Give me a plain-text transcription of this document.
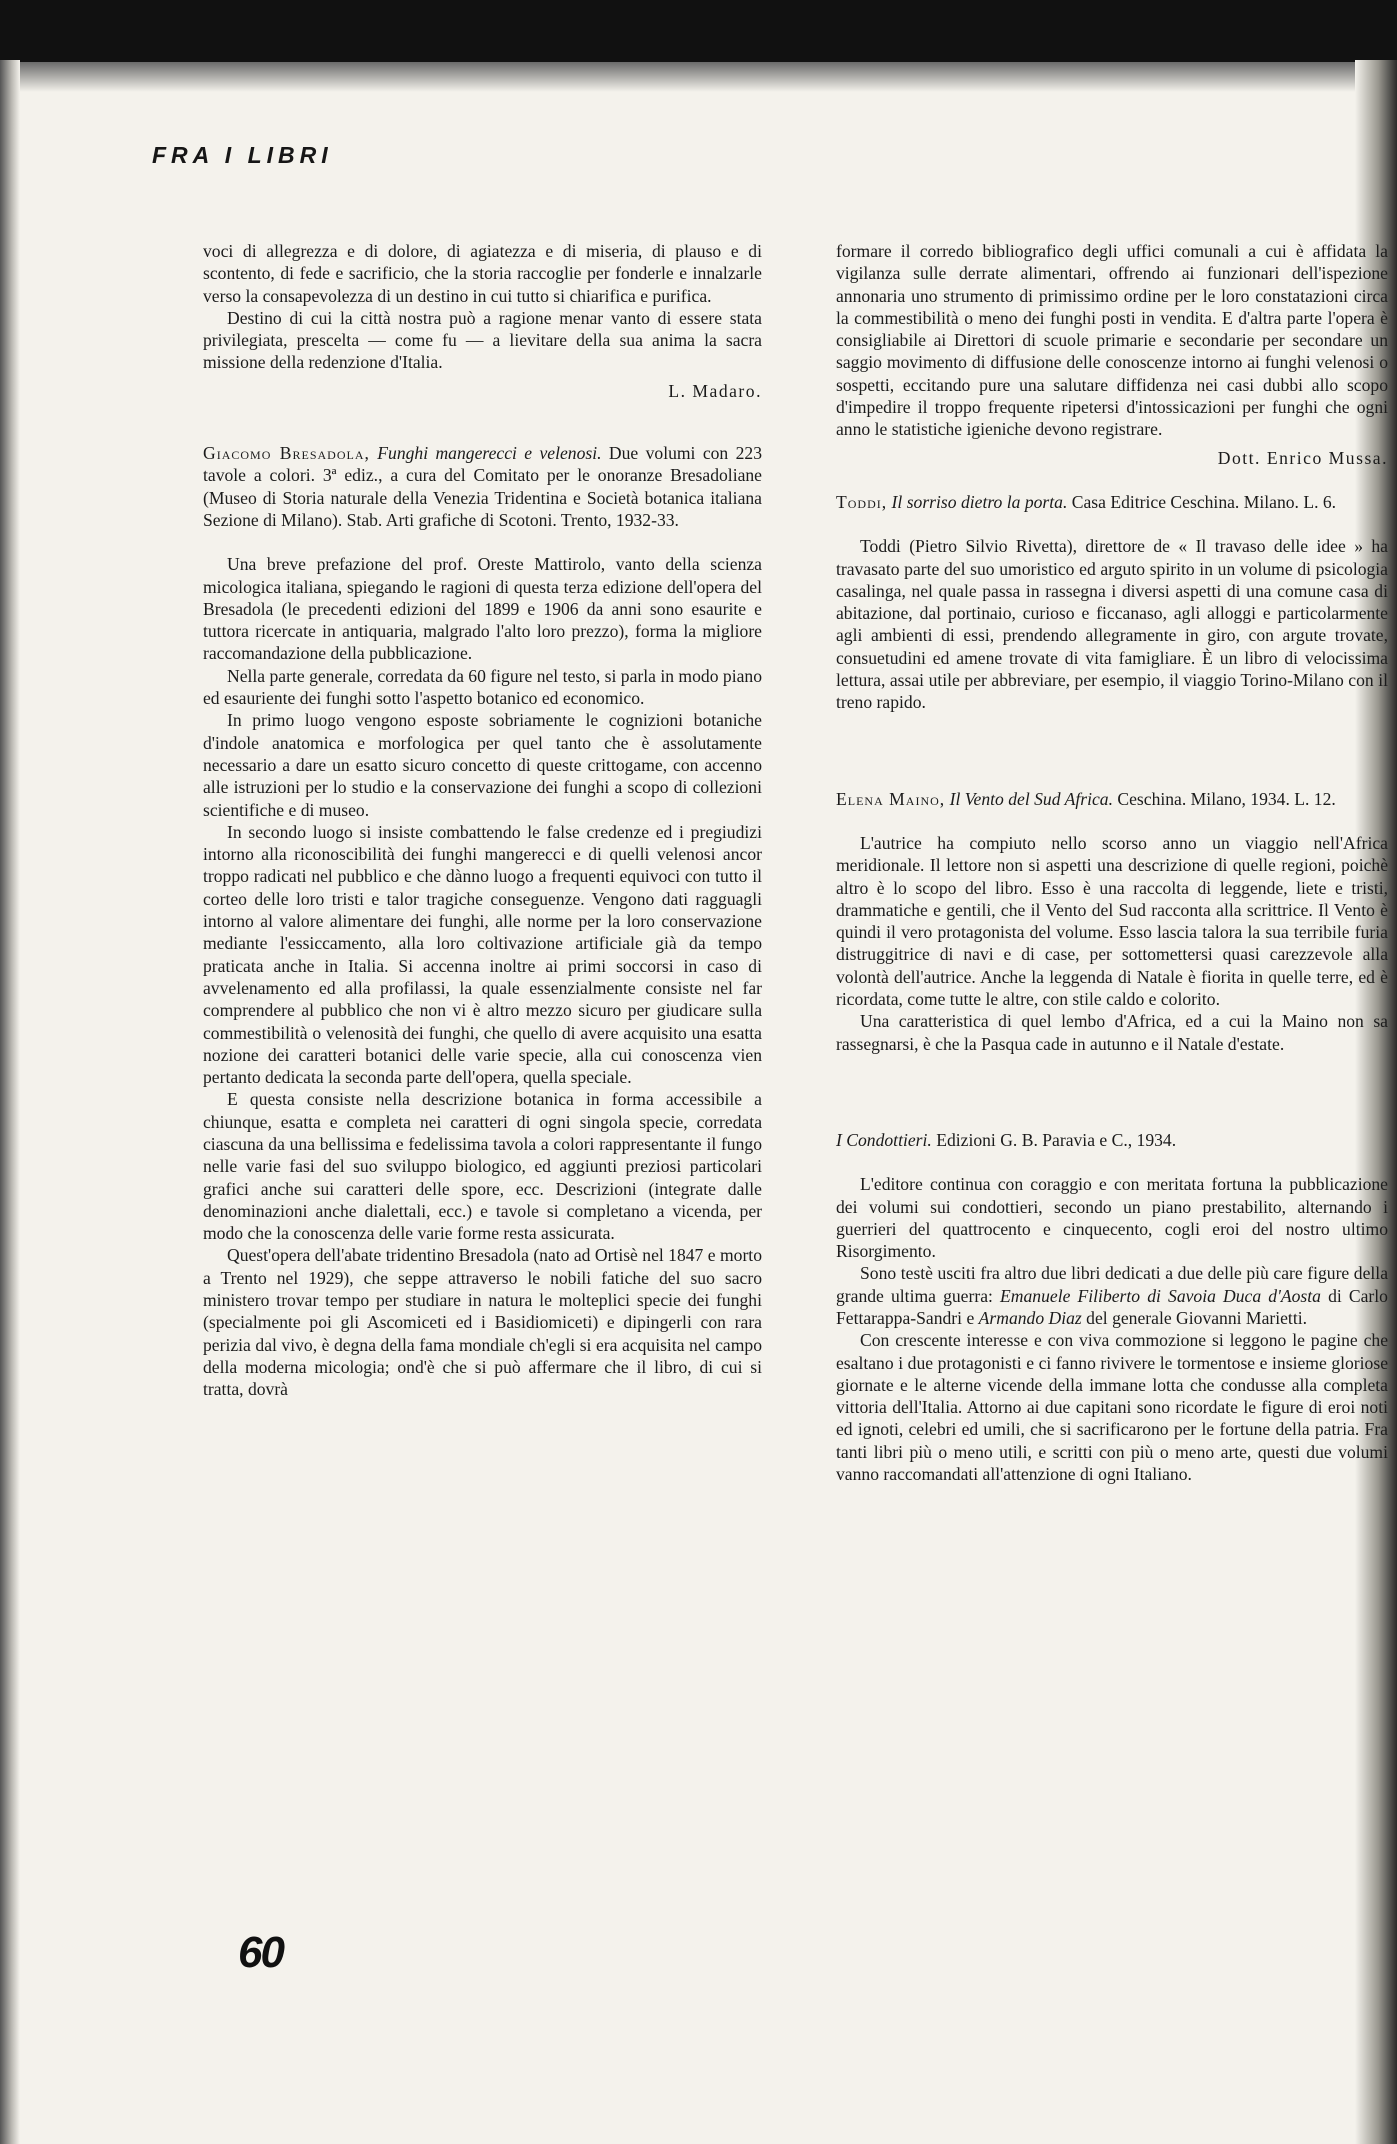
FRA I LIBRI

voci di allegrezza e di dolore, di agiatezza e di miseria, di plauso e di scontento, di fede e sacrificio, che la storia raccoglie per fonderle e innalzarle verso la consapevolezza di un destino in cui tutto si chiarifica e purifica.

Destino di cui la città nostra può a ragione menar vanto di essere stata privilegiata, prescelta — come fu — a lievitare della sua anima la sacra missione della redenzione d'Italia.

L. Madaro.

Giacomo Bresadola, Funghi mangerecci e velenosi. Due volumi con 223 tavole a colori. 3ª ediz., a cura del Comitato per le onoranze Bresadoliane (Museo di Storia naturale della Venezia Tridentina e Società botanica italiana Sezione di Milano). Stab. Arti grafiche di Scotoni. Trento, 1932-33.

Una breve prefazione del prof. Oreste Mattirolo, vanto della scienza micologica italiana, spiegando le ragioni di questa terza edizione dell'opera del Bresadola (le precedenti edizioni del 1899 e 1906 da anni sono esaurite e tuttora ricercate in antiquaria, malgrado l'alto loro prezzo), forma la migliore raccomandazione della pubblicazione.

Nella parte generale, corredata da 60 figure nel testo, si parla in modo piano ed esauriente dei funghi sotto l'aspetto botanico ed economico.

In primo luogo vengono esposte sobriamente le cognizioni botaniche d'indole anatomica e morfologica per quel tanto che è assolutamente necessario a dare un esatto sicuro concetto di queste crittogame, con accenno alle istruzioni per lo studio e la conservazione dei funghi a scopo di collezioni scientifiche e di museo.

In secondo luogo si insiste combattendo le false credenze ed i pregiudizi intorno alla riconoscibilità dei funghi mangerecci e di quelli velenosi ancor troppo radicati nel pubblico e che dànno luogo a frequenti equivoci con tutto il corteo delle loro tristi e talor tragiche conseguenze. Vengono dati ragguagli intorno al valore alimentare dei funghi, alle norme per la loro conservazione mediante l'essiccamento, alla loro coltivazione artificiale già da tempo praticata anche in Italia. Si accenna inoltre ai primi soccorsi in caso di avvelenamento ed alla profilassi, la quale essenzialmente consiste nel far comprendere al pubblico che non vi è altro mezzo sicuro per giudicare sulla commestibilità o velenosità dei funghi, che quello di avere acquisito una esatta nozione dei caratteri botanici delle varie specie, alla cui conoscenza vien pertanto dedicata la seconda parte dell'opera, quella speciale.

E questa consiste nella descrizione botanica in forma accessibile a chiunque, esatta e completa nei caratteri di ogni singola specie, corredata ciascuna da una bellissima e fedelissima tavola a colori rappresentante il fungo nelle varie fasi del suo sviluppo biologico, ed aggiunti preziosi particolari grafici anche sui caratteri delle spore, ecc. Descrizioni (integrate dalle denominazioni anche dialettali, ecc.) e tavole si completano a vicenda, per modo che la conoscenza delle varie forme resta assicurata.

Quest'opera dell'abate tridentino Bresadola (nato ad Ortisè nel 1847 e morto a Trento nel 1929), che seppe attraverso le nobili fatiche del suo sacro ministero trovar tempo per studiare in natura le molteplici specie dei funghi (specialmente poi gli Ascomiceti ed i Basidiomiceti) e dipingerli con rara perizia dal vivo, è degna della fama mondiale ch'egli si era acquisita nel campo della moderna micologia; ond'è che si può affermare che il libro, di cui si tratta, dovrà

formare il corredo bibliografico degli uffici comunali a cui è affidata la vigilanza sulle derrate alimentari, offrendo ai funzionari dell'ispezione annonaria uno strumento di primissimo ordine per le loro constatazioni circa la commestibilità o meno dei funghi posti in vendita. E d'altra parte l'opera è consigliabile ai Direttori di scuole primarie e secondarie per secondare un saggio movimento di diffusione delle conoscenze intorno ai funghi velenosi o sospetti, eccitando pure una salutare diffidenza nei casi dubbi allo scopo d'impedire il troppo frequente ripetersi d'intossicazioni per funghi che ogni anno le statistiche igieniche devono registrare.

Dott. Enrico Mussa.

Toddi, Il sorriso dietro la porta. Casa Editrice Ceschina. Milano. L. 6.

Toddi (Pietro Silvio Rivetta), direttore de « Il travaso delle idee » ha travasato parte del suo umoristico ed arguto spirito in un volume di psicologia casalinga, nel quale passa in rassegna i diversi aspetti di una comune casa di abitazione, dal portinaio, curioso e ficcanaso, agli alloggi e particolarmente agli ambienti di essi, prendendo allegramente in giro, con argute trovate, consuetudini ed amene trovate di vita famigliare. È un libro di velocissima lettura, assai utile per abbreviare, per esempio, il viaggio Torino-Milano con il treno rapido.

Elena Maino, Il Vento del Sud Africa. Ceschina. Milano, 1934. L. 12.

L'autrice ha compiuto nello scorso anno un viaggio nell'Africa meridionale. Il lettore non si aspetti una descrizione di quelle regioni, poichè altro è lo scopo del libro. Esso è una raccolta di leggende, liete e tristi, drammatiche e gentili, che il Vento del Sud racconta alla scrittrice. Il Vento è quindi il vero protagonista del volume. Esso lascia talora la sua terribile furia distruggitrice di navi e di case, per sottomettersi quasi carezzevole alla volontà dell'autrice. Anche la leggenda di Natale è fiorita in quelle terre, ed è ricordata, come tutte le altre, con stile caldo e colorito.

Una caratteristica di quel lembo d'Africa, ed a cui la Maino non sa rassegnarsi, è che la Pasqua cade in autunno e il Natale d'estate.

I Condottieri. Edizioni G. B. Paravia e C., 1934.

L'editore continua con coraggio e con meritata fortuna la pubblicazione dei volumi sui condottieri, secondo un piano prestabilito, alternando i guerrieri del quattrocento e cinquecento, cogli eroi del nostro ultimo Risorgimento.

Sono testè usciti fra altro due libri dedicati a due delle più care figure della grande ultima guerra: Emanuele Filiberto di Savoia Duca d'Aosta di Carlo Fettarappa-Sandri e Armando Diaz del generale Giovanni Marietti.

Con crescente interesse e con viva commozione si leggono le pagine che esaltano i due protagonisti e ci fanno rivivere le tormentose e insieme gloriose giornate e le alterne vicende della immane lotta che condusse alla completa vittoria dell'Italia. Attorno ai due capitani sono ricordate le figure di eroi noti ed ignoti, celebri ed umili, che si sacrificarono per le fortune della patria. Fra tanti libri più o meno utili, e scritti con più o meno arte, questi due volumi vanno raccomandati all'attenzione di ogni Italiano.

60
